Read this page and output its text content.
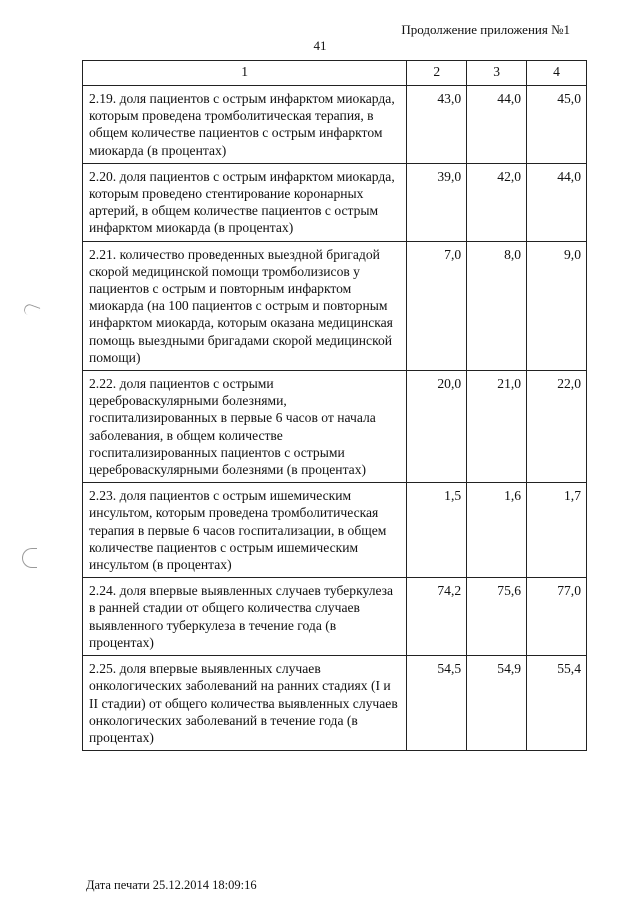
Продолжение приложения №1
41
1	2	3	4
2.19. доля пациентов с острым инфарктом миокарда, которым проведена тромболитическая терапия, в общем количестве пациентов с острым инфарктом миокарда (в процентах)	43,0	44,0	45,0
2.20. доля пациентов с острым инфарктом миокарда, которым проведено стентирование коронарных артерий, в общем количестве пациентов с острым инфарктом миокарда (в процентах)	39,0	42,0	44,0
2.21. количество проведенных выездной бригадой скорой медицинской помощи тромболизисов у пациентов с острым и повторным инфарктом миокарда (на 100 пациентов с острым и повторным инфарктом миокарда, которым оказана медицинская помощь выездными бригадами скорой медицинской помощи)	7,0	8,0	9,0
2.22. доля пациентов с острыми цереброваскулярными болезнями, госпитализированных в первые 6 часов от начала заболевания, в общем количестве госпитализированных пациентов с острыми цереброваскулярными болезнями (в процентах)	20,0	21,0	22,0
2.23. доля пациентов с острым ишемическим инсультом, которым проведена тромболитическая терапия в первые 6 часов госпитализации, в общем количестве пациентов с острым ишемическим инсультом (в процентах)	1,5	1,6	1,7
2.24. доля впервые выявленных случаев туберкулеза в ранней стадии от общего количества случаев выявленного туберкулеза в течение года (в процентах)	74,2	75,6	77,0
2.25. доля впервые выявленных случаев онкологических заболеваний на ранних стадиях (I и II стадии) от общего количества выявленных случаев онкологических заболеваний в течение года (в процентах)	54,5	54,9	55,4
Дата печати 25.12.2014 18:09:16
